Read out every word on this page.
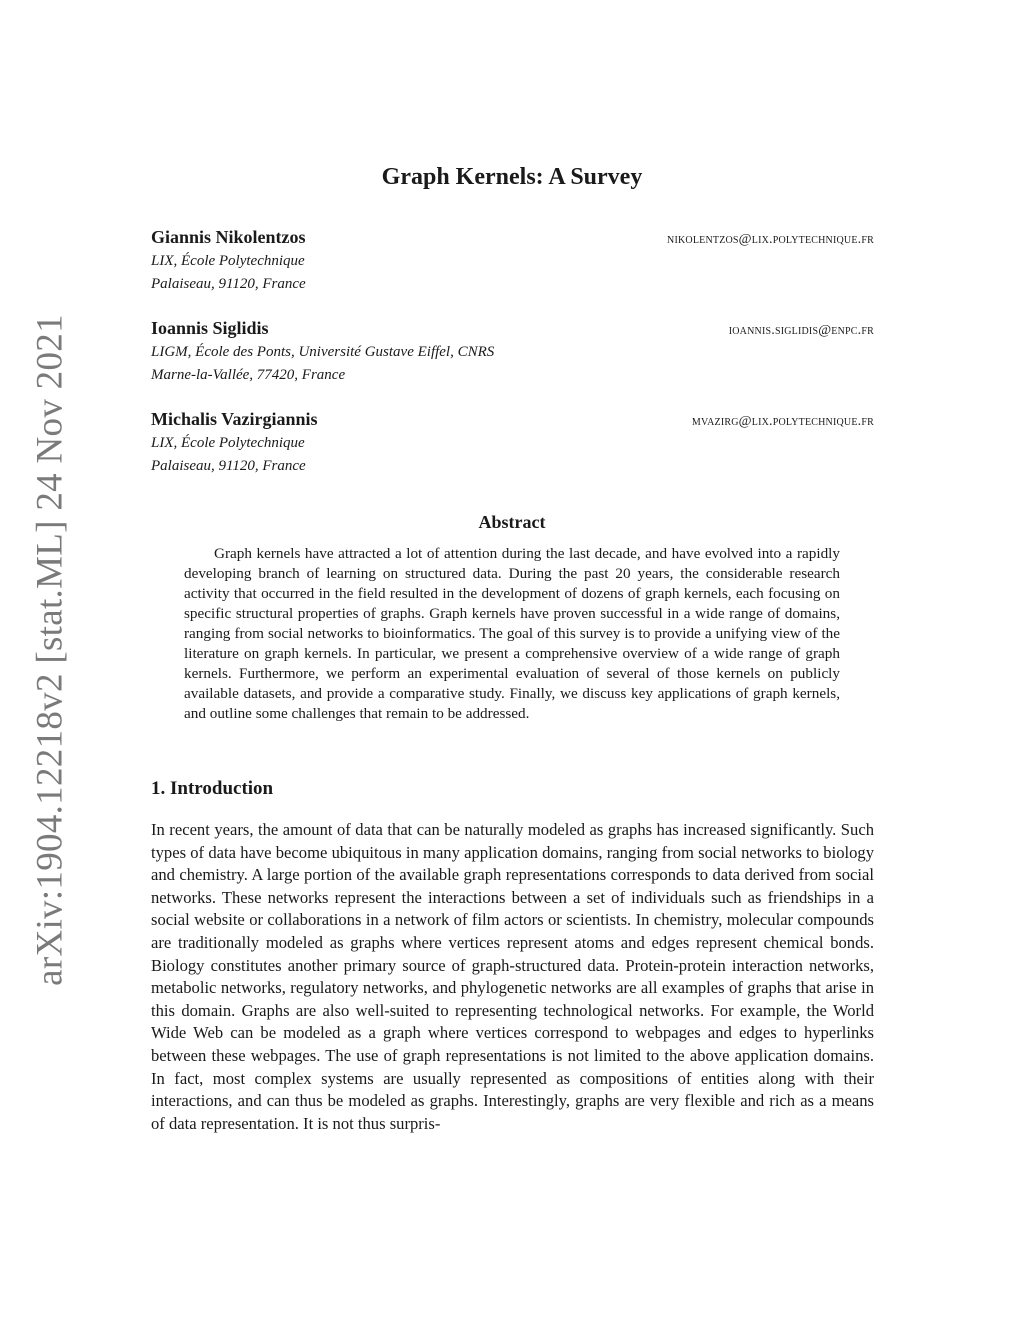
arXiv:1904.12218v2 [stat.ML] 24 Nov 2021
Graph Kernels: A Survey
Giannis Nikolentzos	nikolentzos@lix.polytechnique.fr
LIX, École Polytechnique
Palaiseau, 91120, France
Ioannis Siglidis	ioannis.siglidis@enpc.fr
LIGM, École des Ponts, Université Gustave Eiffel, CNRS
Marne-la-Vallée, 77420, France
Michalis Vazirgiannis	mvazirg@lix.polytechnique.fr
LIX, École Polytechnique
Palaiseau, 91120, France
Abstract

Graph kernels have attracted a lot of attention during the last decade, and have evolved into a rapidly developing branch of learning on structured data. During the past 20 years, the considerable research activity that occurred in the field resulted in the development of dozens of graph kernels, each focusing on specific structural properties of graphs. Graph kernels have proven successful in a wide range of domains, ranging from social networks to bioinformatics. The goal of this survey is to provide a unifying view of the literature on graph kernels. In particular, we present a comprehensive overview of a wide range of graph kernels. Furthermore, we perform an experimental evaluation of several of those kernels on publicly available datasets, and provide a comparative study. Finally, we discuss key applications of graph kernels, and outline some challenges that remain to be addressed.

1. Introduction

In recent years, the amount of data that can be naturally modeled as graphs has increased significantly. Such types of data have become ubiquitous in many application domains, ranging from social networks to biology and chemistry. A large portion of the available graph representations corresponds to data derived from social networks. These networks represent the interactions between a set of individuals such as friendships in a social website or collaborations in a network of film actors or scientists. In chemistry, molecular compounds are traditionally modeled as graphs where vertices represent atoms and edges represent chemical bonds. Biology constitutes another primary source of graph-structured data. Protein-protein interaction networks, metabolic networks, regulatory networks, and phylogenetic networks are all examples of graphs that arise in this domain. Graphs are also well-suited to representing technological networks. For example, the World Wide Web can be modeled as a graph where vertices correspond to webpages and edges to hyperlinks between these webpages. The use of graph representations is not limited to the above application domains. In fact, most complex systems are usually represented as compositions of entities along with their interactions, and can thus be modeled as graphs. Interestingly, graphs are very flexible and rich as a means of data representation. It is not thus surpris-
